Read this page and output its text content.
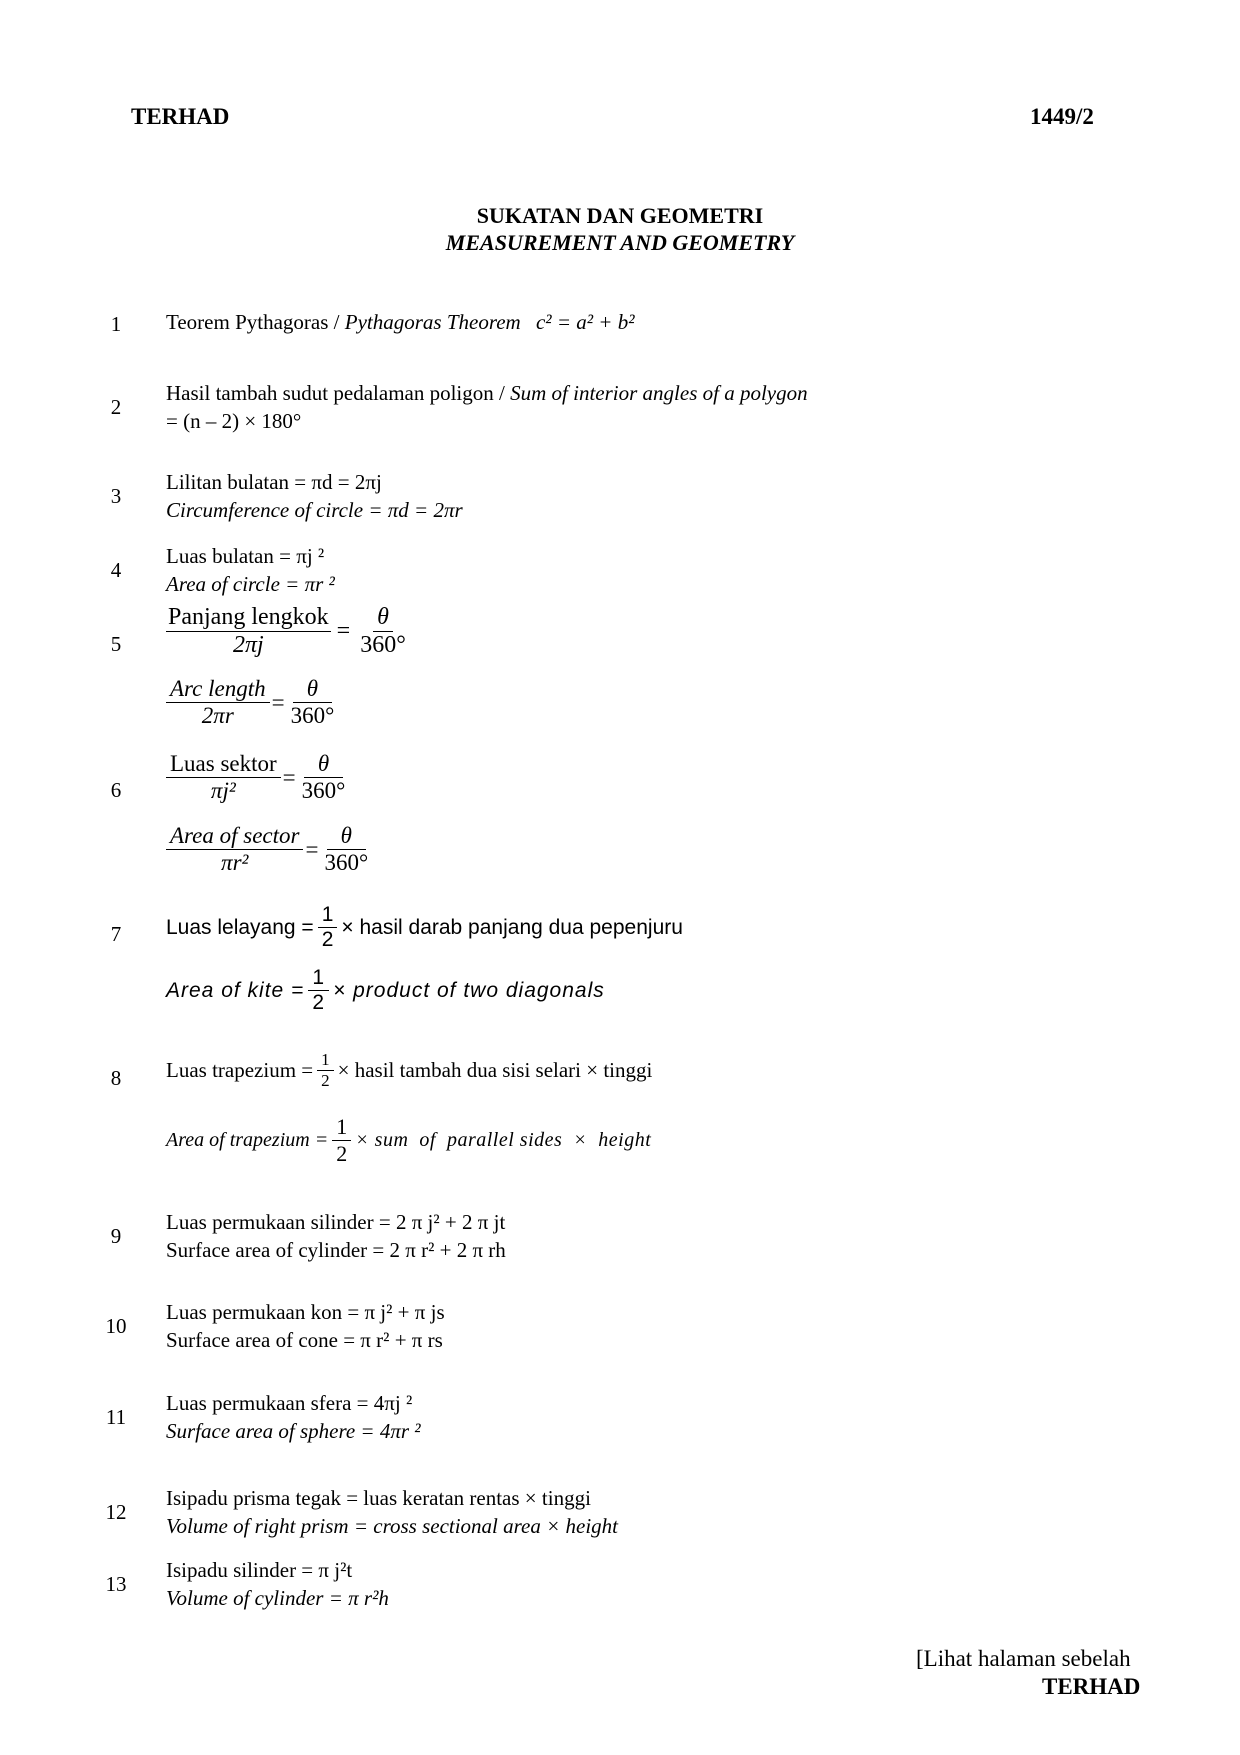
TERHAD	1449/2
SUKATAN DAN GEOMETRI
MEASUREMENT AND GEOMETRY
1	Teorem Pythagoras / Pythagoras Theorem c² = a² + b²
2
Hasil tambah sudut pedalaman poligon / Sum of interior angles of a polygon
= (n – 2) × 180°
3
Lilitan bulatan = πd = 2πj
Circumference of circle = πd = 2πr
4
Luas bulatan = πj ²
Area of circle = πr ²
5	$\frac{\text{Panjang lengkok}}{2\pi j} = \frac{\theta}{360^\circ}$
$\frac{\text{Arc length}}{2\pi r} = \frac{\theta}{360^\circ}$
6	$\frac{\text{Luas sektor}}{\text{πj²}} = \frac{\theta}{360^\circ}$
$\frac{\text{Area of sector}}{\text{πr²}} = \frac{\theta}{360^\circ}$
7	Luas lelayang = $\frac{1}{2}$ × hasil darab panjang dua pepenjuru
Area of kite = $\frac{1}{2}$ × product of two diagonals
8	Luas trapezium = $\frac{1}{2}$ × hasil tambah dua sisi selari × tinggi
Area of trapezium = $\frac{1}{2}$ × sum  of  parallel sides  ×  height
9
Luas permukaan silinder = 2 π j² + 2 π jt
Surface area of cylinder = 2 π r² + 2 π rh
10
Luas permukaan kon = π j² + π js
Surface area of cone = π r² + π rs
11
Luas permukaan sfera = 4πj ²
Surface area of sphere = 4πr ²
12
Isipadu prisma tegak = luas keratan rentas × tinggi
Volume of right prism = cross sectional area × height
13
Isipadu silinder = π j²t
Volume of cylinder = π r²h
[Lihat halaman sebelah
TERHAD
